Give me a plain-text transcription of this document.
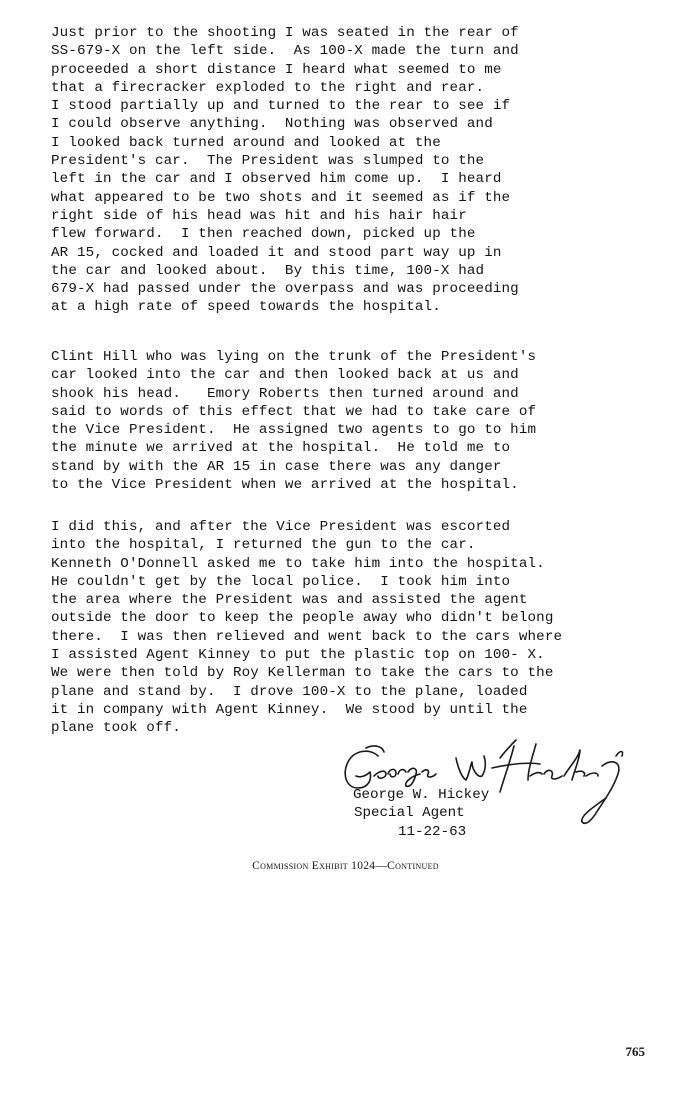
Just prior to the shooting I was seated in the rear of
SS-679-X on the left side.  As 100-X made the turn and
proceeded a short distance I heard what seemed to me
that a firecracker exploded to the right and rear.
I stood partially up and turned to the rear to see if
I could observe anything.  Nothing was observed and
I looked back turned around and looked at the
President's car.  The President was slumped to the
left in the car and I observed him come up.  I heard
what appeared to be two shots and it seemed as if the
right side of his head was hit and his hair hair
flew forward.  I then reached down, picked up the
AR 15, cocked and loaded it and stood part way up in
the car and looked about.  By this time, 100-X had
679-X had passed under the overpass and was proceeding
at a high rate of speed towards the hospital.

Clint Hill who was lying on the trunk of the President's
car looked into the car and then looked back at us and
shook his head.   Emory Roberts then turned around and
said to words of this effect that we had to take care of
the Vice President.  He assigned two agents to go to him
the minute we arrived at the hospital.  He told me to
stand by with the AR 15 in case there was any danger
to the Vice President when we arrived at the hospital.

I did this, and after the Vice President was escorted
into the hospital, I returned the gun to the car.
Kenneth O'Donnell asked me to take him into the hospital.
He couldn't get by the local police.  I took him into
the area where the President was and assisted the agent
outside the door to keep the people away who didn't belong
there.  I was then relieved and went back to the cars where
I assisted Agent Kinney to put the plastic top on 100- X.
We were then told by Roy Kellerman to take the cars to the
plane and stand by.  I drove 100-X to the plane, loaded
it in company with Agent Kinney.  We stood by until the
plane took off.

George W. Hickey

Special Agent

11-22-63

Commission Exhibit 1024—Continued
765
